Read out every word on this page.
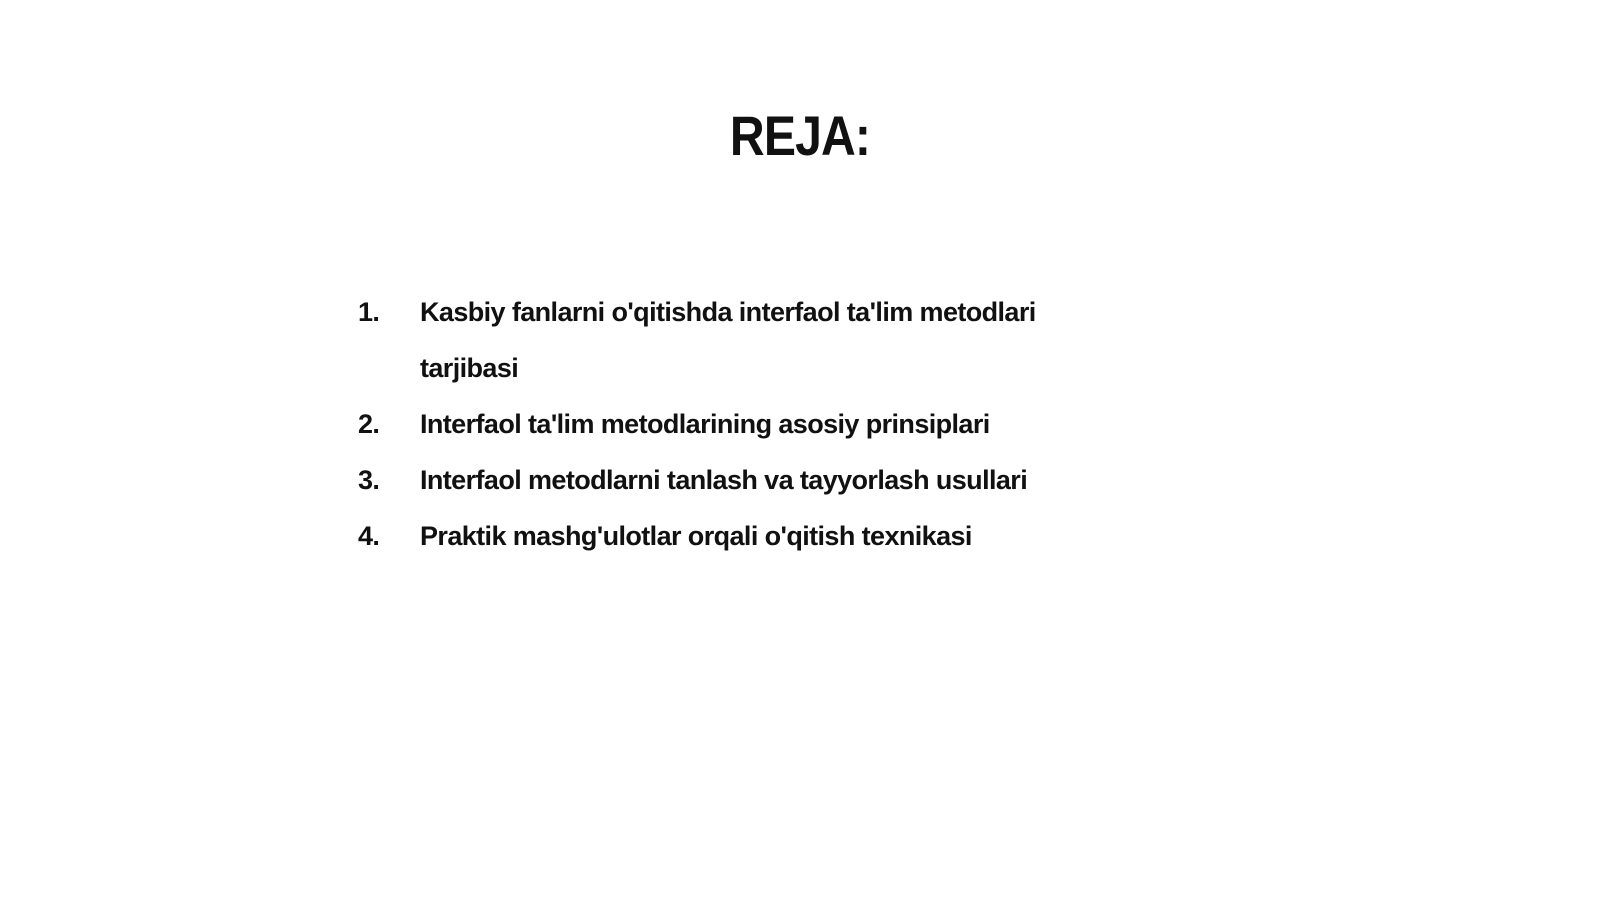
REJA:
1.	Kasbiy fanlarni o'qitishda interfaol ta'lim metodlari tarjibasi
2.	Interfaol ta'lim metodlarining asosiy prinsiplari
3.	Interfaol metodlarni tanlash va tayyorlash usullari
4.	Praktik mashg'ulotlar orqali o'qitish texnikasi
